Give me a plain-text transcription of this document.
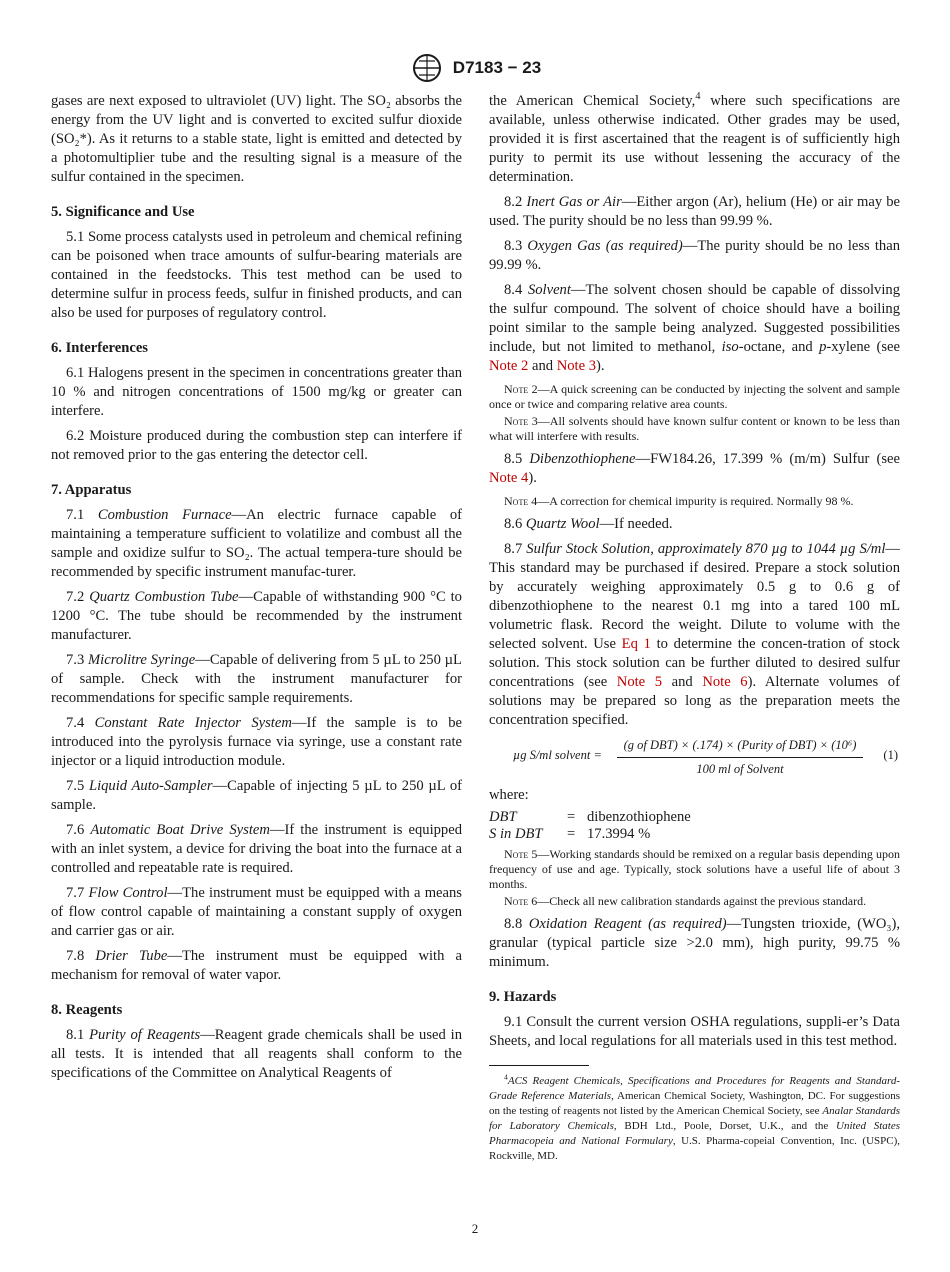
D7183 − 23

gases are next exposed to ultraviolet (UV) light. The SO₂ absorbs the energy from the UV light and is converted to excited sulfur dioxide (SO₂*). As it returns to a stable state, light is emitted and detected by a photomultiplier tube and the resulting signal is a measure of the sulfur contained in the specimen.

5. Significance and Use

5.1 Some process catalysts used in petroleum and chemical refining can be poisoned when trace amounts of sulfur-bearing materials are contained in the feedstocks. This test method can be used to determine sulfur in process feeds, sulfur in finished products, and can also be used for purposes of regulatory control.

6. Interferences

6.1 Halogens present in the specimen in concentrations greater than 10 % and nitrogen concentrations of 1500 mg/kg or greater can interfere.

6.2 Moisture produced during the combustion step can interfere if not removed prior to the gas entering the detector cell.

7. Apparatus

7.1 Combustion Furnace—An electric furnace capable of maintaining a temperature sufficient to volatilize and combust all the sample and oxidize sulfur to SO₂. The actual tempera-ture should be recommended by specific instrument manufac-turer.

7.2 Quartz Combustion Tube—Capable of withstanding 900 °C to 1200 °C. The tube should be recommended by the instrument manufacturer.

7.3 Microlitre Syringe—Capable of delivering from 5 µL to 250 µL of sample. Check with the instrument manufacturer for recommendations for specific sample requirements.

7.4 Constant Rate Injector System—If the sample is to be introduced into the pyrolysis furnace via syringe, use a constant rate injector or a liquid introduction module.

7.5 Liquid Auto-Sampler—Capable of injecting 5 µL to 250 µL of sample.

7.6 Automatic Boat Drive System—If the instrument is equipped with an inlet system, a device for driving the boat into the furnace at a controlled and repeatable rate is required.

7.7 Flow Control—The instrument must be equipped with a means of flow control capable of maintaining a constant supply of oxygen and carrier gas or air.

7.8 Drier Tube—The instrument must be equipped with a mechanism for removal of water vapor.

8. Reagents

8.1 Purity of Reagents—Reagent grade chemicals shall be used in all tests. It is intended that all reagents shall conform to the specifications of the Committee on Analytical Reagents of

the American Chemical Society,$^4$ where such specifications are available, unless otherwise indicated. Other grades may be used, provided it is first ascertained that the reagent is of sufficiently high purity to permit its use without lessening the accuracy of the determination.

8.2 Inert Gas or Air—Either argon (Ar), helium (He) or air may be used. The purity should be no less than 99.99 %.

8.3 Oxygen Gas (as required)—The purity should be no less than 99.99 %.

8.4 Solvent—The solvent chosen should be capable of dissolving the sulfur compound. The solvent of choice should have a boiling point similar to the sample being analyzed. Suggested possibilities include, but not limited to methanol, iso-octane, and p-xylene (see Note 2 and Note 3).

Note 2—A quick screening can be conducted by injecting the solvent and sample once or twice and comparing relative area counts.
Note 3—All solvents should have known sulfur content or known to be less than what will interfere with results.

8.5 Dibenzothiophene—FW184.26, 17.399 % (m/m) Sulfur (see Note 4).

Note 4—A correction for chemical impurity is required. Normally 98 %.

8.6 Quartz Wool—If needed.

8.7 Sulfur Stock Solution, approximately 870 µg to 1044 µg S/ml—This standard may be purchased if desired. Prepare a stock solution by accurately weighing approximately 0.5 g to 0.6 g of dibenzothiophene to the nearest 0.1 mg into a tared 100 mL volumetric flask. Record the weight. Dilute to volume with the selected solvent. Use Eq 1 to determine the concen-tration of stock solution. This stock solution can be further diluted to desired sulfur concentrations (see Note 5 and Note 6). Alternate volumes of solutions may be prepared so long as the preparation meets the concentration specified.

µg S/ml solvent =
(g of DBT) × (.174) × (Purity of DBT) × (10⁶)
100 ml of Solvent
(1)
where:
DBT	= dibenzothiophene
S in DBT	= 17.3994 %
Note 5—Working standards should be remixed on a regular basis depending upon frequency of use and age. Typically, stock solutions have a useful life of about 3 months.
Note 6—Check all new calibration standards against the previous standard.

8.8 Oxidation Reagent (as required)—Tungsten trioxide, (WO₃), granular (typical particle size >2.0 mm), high purity, 99.75 % minimum.

9. Hazards

9.1 Consult the current version OSHA regulations, suppli-er’s Data Sheets, and local regulations for all materials used in this test method.

$^4$ACS Reagent Chemicals, Specifications and Procedures for Reagents and Standard-Grade Reference Materials, American Chemical Society, Washington, DC. For suggestions on the testing of reagents not listed by the American Chemical Society, see Analar Standards for Laboratory Chemicals, BDH Ltd., Poole, Dorset, U.K., and the United States Pharmacopeia and National Formulary, U.S. Pharma-copeial Convention, Inc. (USPC), Rockville, MD.
2
